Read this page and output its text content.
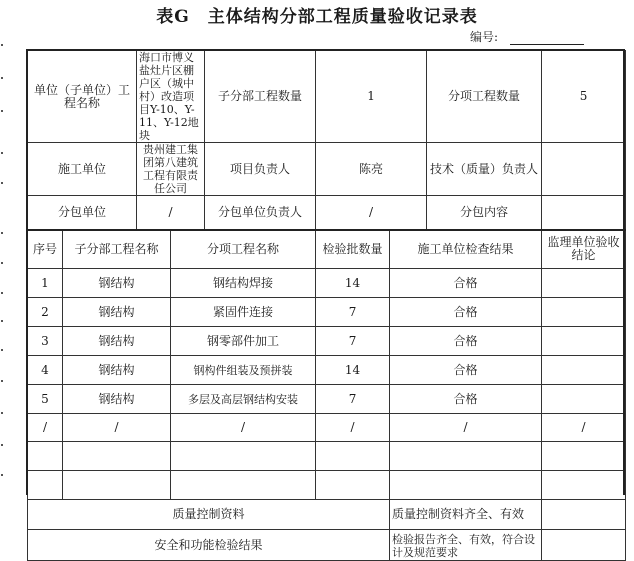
表G　主体结构分部工程质量验收记录表
编号:
单位（子单位）工程名称		海口市博义盐灶片区棚户区（城中村）改造项目Y-10、Y-11、Y-12地块		子分部工程数量	1		分项工程数量	5
施工单位		贵州建工集团第八建筑工程有限责任公司		项目负责人	陈亮		技术（质量）负责人	
分包单位		/		分包单位负责人	/		分包内容	
序号	子分部工程名称		分项工程名称		检验批数量	施工单位检查结果		监理单位验收结论
1	钢结构		钢结构焊接		14	合格		
2	钢结构		紧固件连接		7	合格		
3	钢结构		钢零部件加工		7	合格		
4	钢结构		钢构件组装及预拼装		14	合格		
5	钢结构		多层及高层钢结构安装		7	合格		
/	/		/		/	/		/

质量控制资料						质量控制资料齐全、有效		
安全和功能检验结果						检验报告齐全、有效，符合设计及规范要求		
